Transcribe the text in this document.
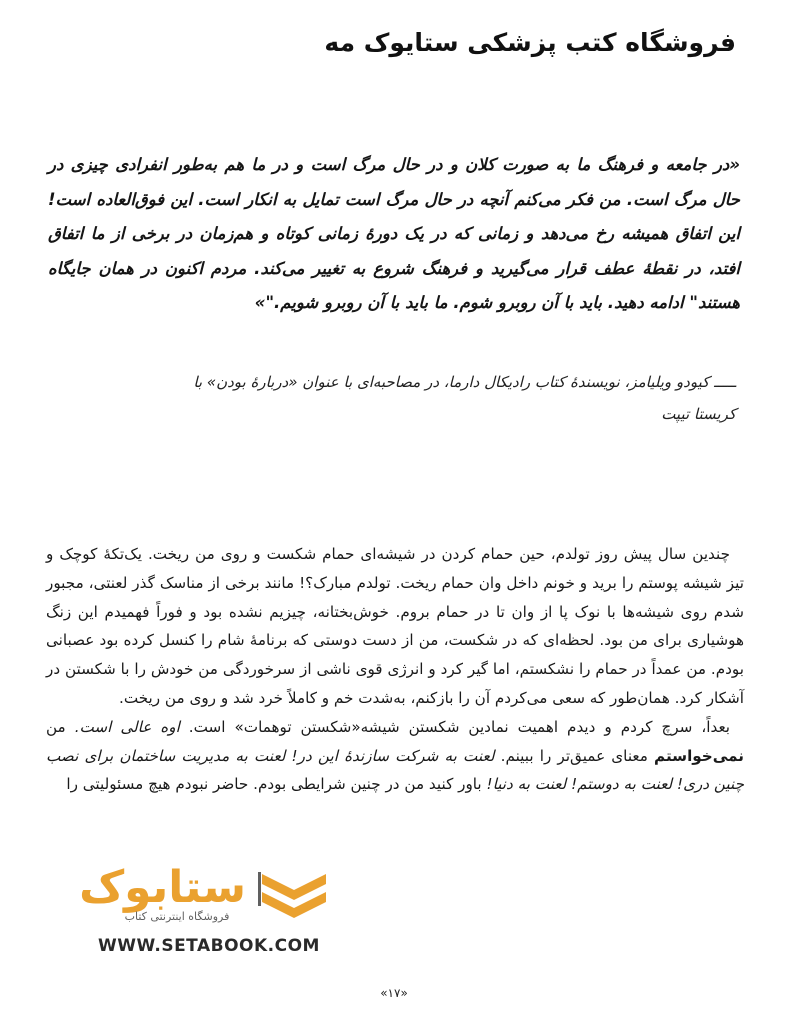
فروشگاه کتب پزشکی ستایوک مه
«در جامعه و فرهنگ ما به صورت کلان و در حال مرگ است و در ما هم به‌طور انفرادی چیزی در حال مرگ است. من فکر می‌کنم آنچه در حال مرگ است تمایل به انکار است. این فوق‌العاده است! این اتفاق همیشه رخ می‌دهد و زمانی که در یک دورهٔ زمانی کوتاه و هم‌زمان در برخی از ما اتفاق افتد، در نقطهٔ عطف قرار می‌گیرید و فرهنگ شروع به تغییر می‌کند. مردم اکنون در همان جایگاه هستند" ادامه دهید. باید با آن روبرو شوم. ما باید با آن روبرو شویم."»
ـــــ کیودو ویلیامز، نویسندهٔ کتاب رادیکال دارما، در مصاحبه‌ای با عنوان «دربارهٔ بودن» با کریستا تیپت

چندین سال پیش روز تولدم، حین حمام کردن در شیشه‌ای حمام شکست و روی من ریخت. یک‌تکهٔ کوچک و تیز شیشه پوستم را برید و خونم داخل وان حمام ریخت. تولدم مبارک؟! مانند برخی از مناسک گذر لعنتی، مجبور شدم روی شیشه‌ها با نوک پا از وان تا در حمام بروم. خوش‌بختانه، چیزیم نشده بود و فوراً فهمیدم این زنگ هوشیاری برای من بود. لحظه‌ای که در شکست، من از دست دوستی که برنامهٔ شام را کنسل کرده بود عصبانی بودم. من عمداً در حمام را نشکستم، اما گیر کرد و انرژی قوی ناشی از سرخوردگی من خودش را با شکستن در آشکار کرد. همان‌طور که سعی می‌کردم آن را بازکنم، به‌شدت خم و کاملاً خرد شد و روی من ریخت.

بعداً، سرچ کردم و دیدم اهمیت نمادین شکستن شیشه«شکستن توهمات» است. اوه عالی است. من نمی‌خواستم معنای عمیق‌تر را ببینم. لعنت به شرکت سازندهٔ این در! لعنت به مدیریت ساختمان برای نصب چنین دری! لعنت به دوستم! لعنت به دنیا! باور کنید من در چنین شرایطی بودم. حاضر نبودم هیچ مسئولیتی را

ستابوک
فروشگاه اینترنتی کتاب
WWW.SETABOOK.COM
«۱۷»
